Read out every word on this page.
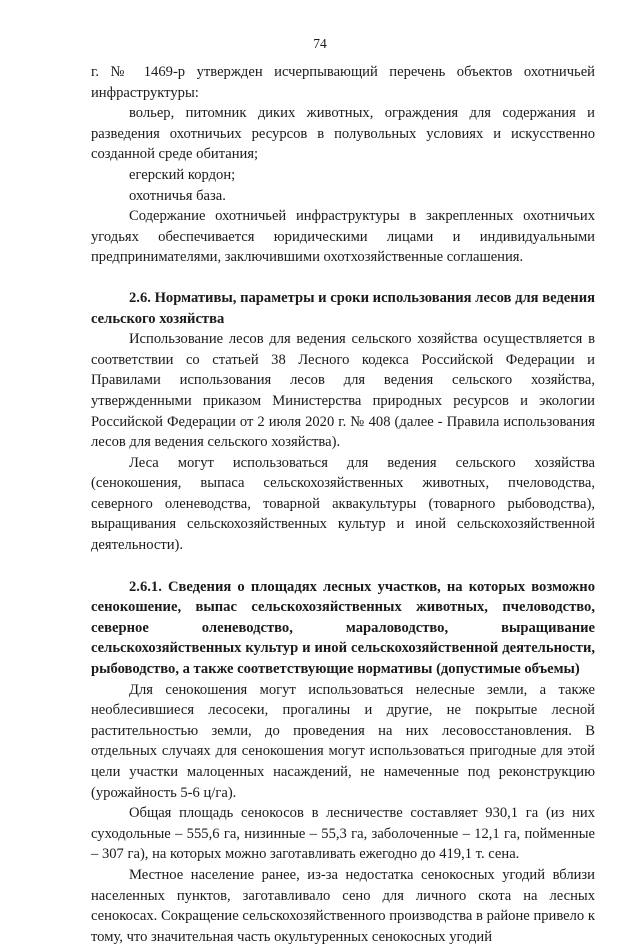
74

г. № 1469-р утвержден исчерпывающий перечень объектов охотничьей инфраструктуры:

вольер, питомник диких животных, ограждения для содержания и разведения охотничьих ресурсов в полувольных условиях и искусственно созданной среде обитания;

егерский кордон;

охотничья база.

Содержание охотничьей инфраструктуры в закрепленных охотничьих угодьях обеспечивается юридическими лицами и индивидуальными предпринимателями, заключившими охотхозяйственные соглашения.

2.6. Нормативы, параметры и сроки использования лесов для ведения сельского хозяйства

Использование лесов для ведения сельского хозяйства осуществляется в соответствии со статьей 38 Лесного кодекса Российской Федерации и Правилами использования лесов для ведения сельского хозяйства, утвержденными приказом Министерства природных ресурсов и экологии Российской Федерации от 2 июля 2020 г. № 408 (далее - Правила использования лесов для ведения сельского хозяйства).

Леса могут использоваться для ведения сельского хозяйства (сенокошения, выпаса сельскохозяйственных животных, пчеловодства, северного оленеводства, товарной аквакультуры (товарного рыбоводства), выращивания сельскохозяйственных культур и иной сельскохозяйственной деятельности).

2.6.1. Сведения о площадях лесных участков, на которых возможно сенокошение, выпас сельскохозяйственных животных, пчеловодство, северное оленеводство, мараловодство, выращивание сельскохозяйственных культур и иной сельскохозяйственной деятельности, рыбоводство, а также соответствующие нормативы (допустимые объемы)

Для сенокошения могут использоваться нелесные земли, а также необлесившиеся лесосеки, прогалины и другие, не покрытые лесной растительностью земли, до проведения на них лесовосстановления. В отдельных случаях для сенокошения могут использоваться пригодные для этой цели участки малоценных насаждений, не намеченные под реконструкцию (урожайность 5-6 ц/га).

Общая площадь сенокосов в лесничестве составляет 930,1 га (из них суходольные – 555,6 га, низинные – 55,3 га, заболоченные – 12,1 га, пойменные – 307 га), на которых можно заготавливать ежегодно до 419,1 т. сена.

Местное население ранее, из-за недостатка сенокосных угодий вблизи населенных пунктов, заготавливало сено для личного скота на лесных сенокосах. Сокращение сельскохозяйственного производства в районе привело к тому, что значительная часть окультуренных сенокосных угодий
